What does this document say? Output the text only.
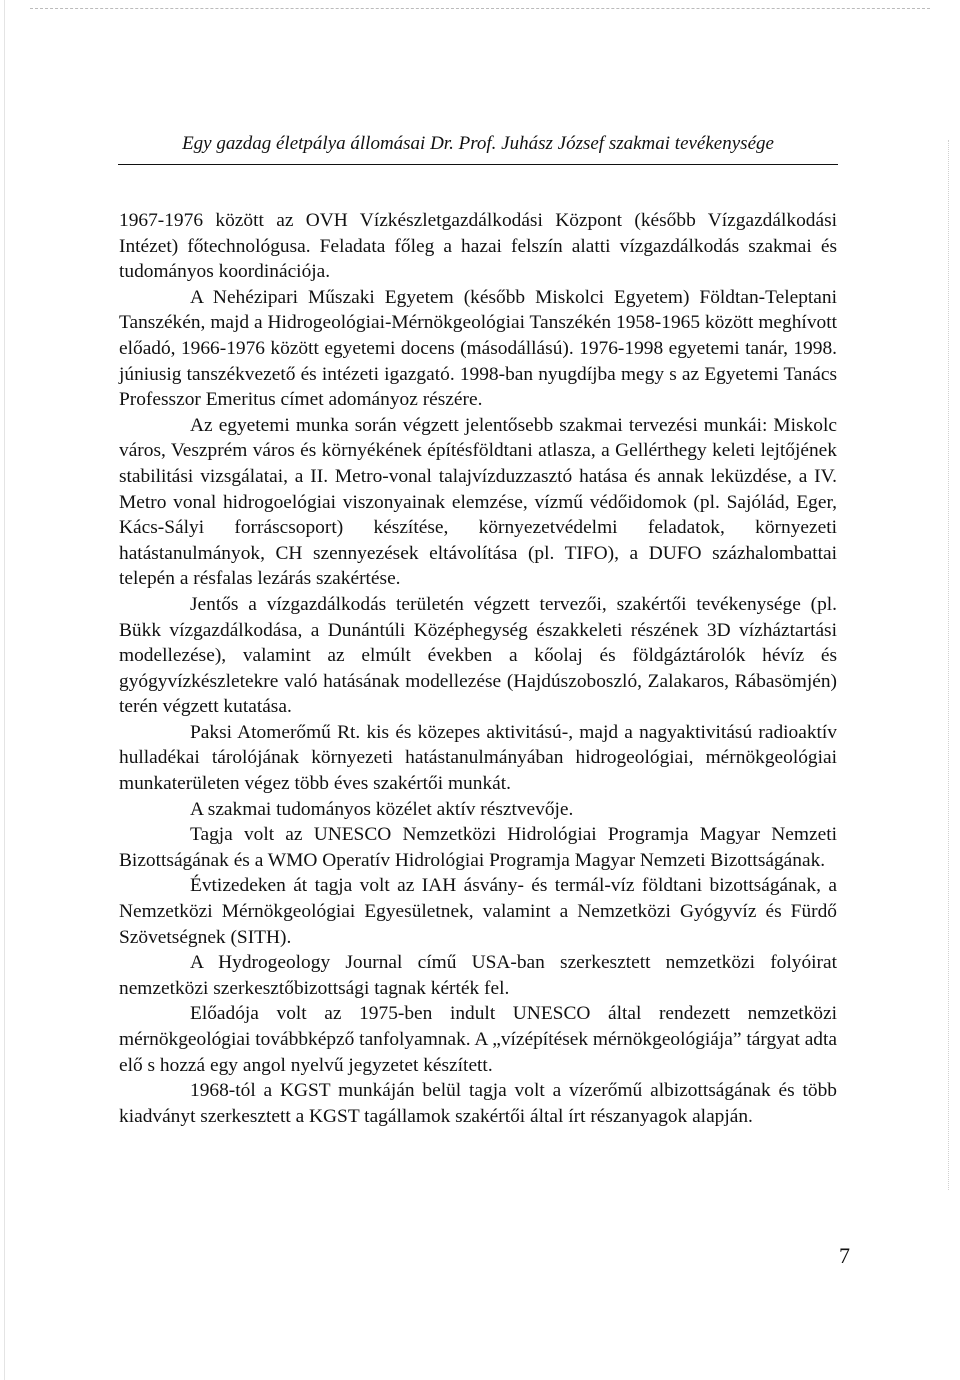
Egy gazdag életpálya állomásai Dr. Prof. Juhász József szakmai tevékenysége

1967-1976 között az OVH Vízkészletgazdálkodási Központ (később Vízgazdálkodási Intézet) főtechnológusa. Feladata főleg a hazai felszín alatti vízgazdálkodás szakmai és tudományos koordinációja.

A Nehézipari Műszaki Egyetem (később Miskolci Egyetem) Földtan-Teleptani Tanszékén, majd a Hidrogeológiai-Mérnökgeológiai Tanszékén 1958-1965 között meghívott előadó, 1966-1976 között egyetemi docens (másodállású). 1976-1998 egyetemi tanár, 1998. júniusig tanszékvezető és intézeti igazgató. 1998-ban nyugdíjba megy s az Egyetemi Tanács Professzor Emeritus címet adományoz részére.

Az egyetemi munka során végzett jelentősebb szakmai tervezési munkái: Miskolc város, Veszprém város és környékének építésföldtani atlasza, a Gellérthegy keleti lejtőjének stabilitási vizsgálatai, a II. Metro-vonal talajvízduzzasztó hatása és annak leküzdése, a IV. Metro vonal hidrogoelógiai viszonyainak elemzése, vízmű védőidomok (pl. Sajólád, Eger, Kács-Sályi forráscsoport) készítése, környezetvédelmi feladatok, környezeti hatástanulmányok, CH szennyezések eltávolítása (pl. TIFO), a DUFO százhalombattai telepén a résfalas lezárás szakértése.

Jentős a vízgazdálkodás területén végzett tervezői, szakértői tevékenysége (pl. Bükk vízgazdálkodása, a Dunántúli Középhegység északkeleti részének 3D vízháztartási modellezése), valamint az elmúlt években a kőolaj és földgáztárolók hévíz és gyógyvízkészletekre való hatásának modellezése (Hajdúszoboszló, Zalakaros, Rábasömjén) terén végzett kutatása.

Paksi Atomerőmű Rt. kis és közepes aktivitású-, majd a nagyaktivitású radioaktív hulladékai tárolójának környezeti hatástanulmányában hidrogeológiai, mérnökgeológiai munkaterületen végez több éves szakértői munkát.

A szakmai tudományos közélet aktív résztvevője.

Tagja volt az UNESCO Nemzetközi Hidrológiai Programja Magyar Nemzeti Bizottságának és a WMO Operatív Hidrológiai Programja Magyar Nemzeti Bizottságának.

Évtizedeken át tagja volt az IAH ásvány- és termál-víz földtani bizottságának, a Nemzetközi Mérnökgeológiai Egyesületnek, valamint a Nemzetközi Gyógyvíz és Fürdő Szövetségnek (SITH).

A Hydrogeology Journal című USA-ban szerkesztett nemzetközi folyóirat nemzetközi szerkesztőbizottsági tagnak kérték fel.

Előadója volt az 1975-ben indult UNESCO által rendezett nemzetközi mérnökgeológiai továbbképző tanfolyamnak. A „vízépítések mérnökgeológiája” tárgyat adta elő s hozzá egy angol nyelvű jegyzetet készített.

1968-tól a KGST munkáján belül tagja volt a vízerőmű albizottságának és több kiadványt szerkesztett a KGST tagállamok szakértői által írt részanyagok alapján.

7
